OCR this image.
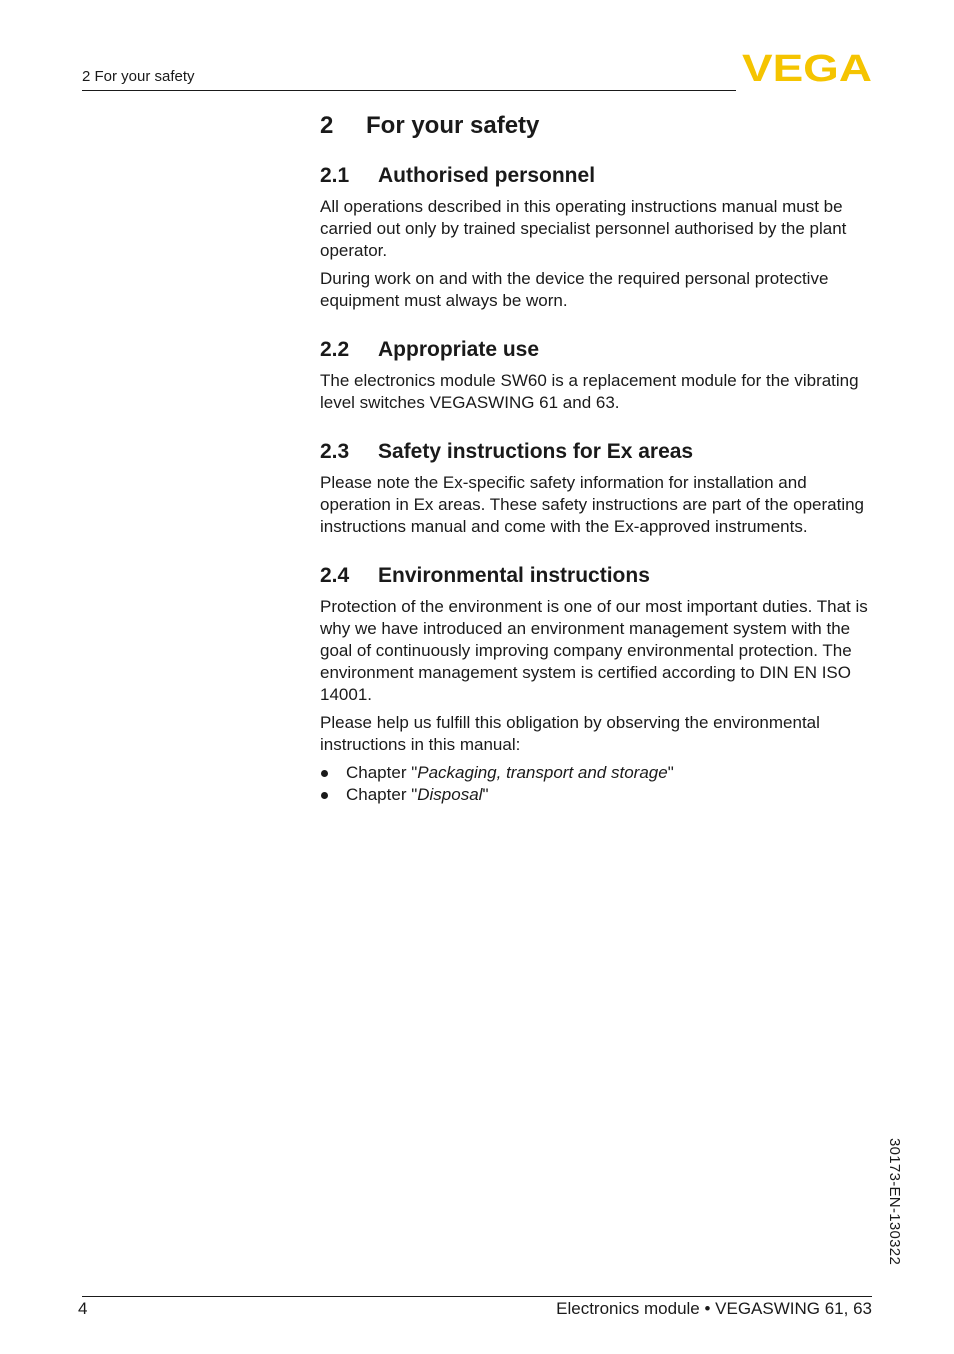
2 For your safety	VEGA
2	For your safety
2.1	Authorised personnel

All operations described in this operating instructions manual must be carried out only by trained specialist personnel authorised by the plant operator.

During work on and with the device the required personal protective equipment must always be worn.

2.2	Appropriate use

The electronics module SW60 is a replacement module for the vibrating level switches VEGASWING 61 and 63.

2.3	Safety instructions for Ex areas

Please note the Ex-specific safety information for installation and operation in Ex areas. These safety instructions are part of the operating instructions manual and come with the Ex-approved instruments.

2.4	Environmental instructions

Protection of the environment is one of our most important duties. That is why we have introduced an environment management system with the goal of continuously improving company environmental protection. The environment management system is certified according to DIN EN ISO 14001.

Please help us fulfill this obligation by observing the environmental instructions in this manual:

Chapter "Packaging, transport and storage"
Chapter "Disposal"
30173-EN-130322
4	Electronics module • VEGASWING 61, 63
